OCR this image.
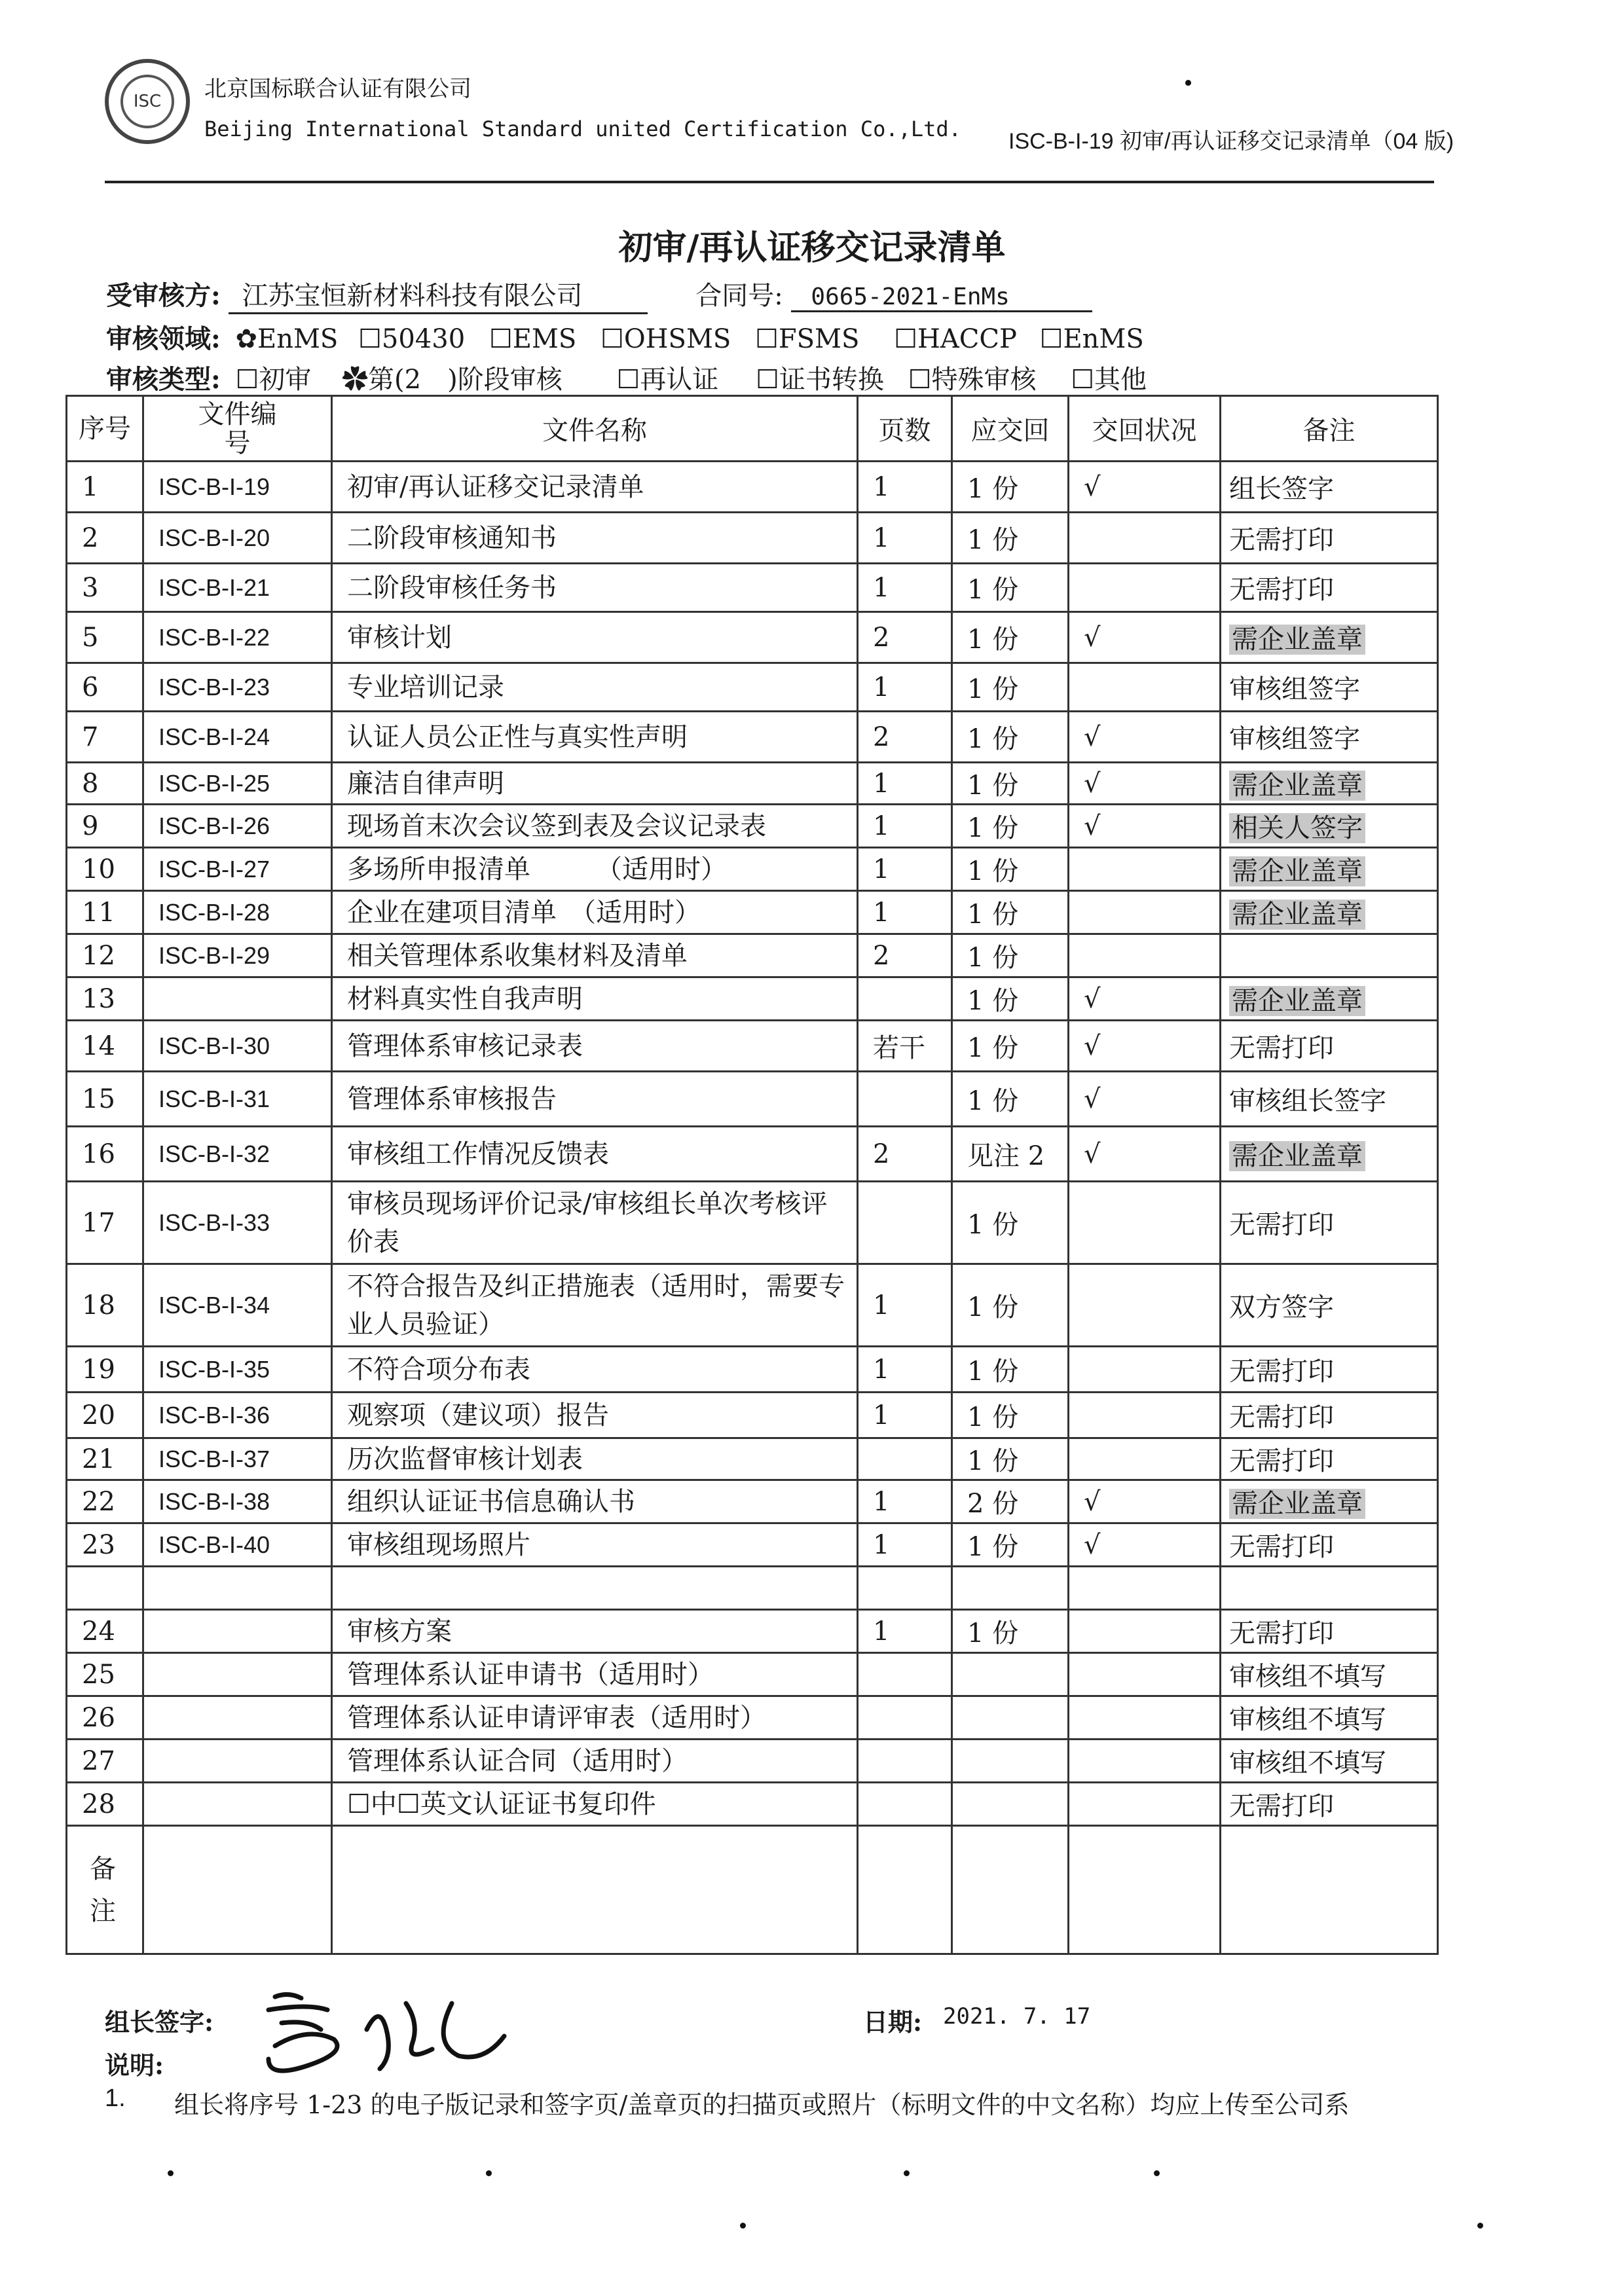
ISC	北京国标联合认证有限公司
Beijing International Standard united Certification Co.,Ltd. ISC-B-I-19 初审/再认证移交记录清单（04 版)
初审/再认证移交记录清单
受审核方: 江苏宝恒新材料科技有限公司	合同号: 0665-2021-EnMs
审核领域: ✿EnMS ☐50430 ☐EMS ☐OHSMS ☐FSMS ☐HACCP ☐EnMS
审核类型: ☐初审 ✿第(2　)阶段审核 ☐再认证 ☐证书转换 ☐特殊审核 ☐其他
序号	文件编号	文件名称	页数	应交回	交回状况	备注
1	ISC-B-I-19	初审/再认证移交记录清单	1	1 份	√	组长签字
2	ISC-B-I-20	二阶段审核通知书	1	1 份		无需打印
3	ISC-B-I-21	二阶段审核任务书	1	1 份		无需打印
5	ISC-B-I-22	审核计划	2	1 份	√	需企业盖章
6	ISC-B-I-23	专业培训记录	1	1 份		审核组签字
7	ISC-B-I-24	认证人员公正性与真实性声明	2	1 份	√	审核组签字
8	ISC-B-I-25	廉洁自律声明	1	1 份	√	需企业盖章
9	ISC-B-I-26	现场首末次会议签到表及会议记录表	1	1 份	√	相关人签字
10	ISC-B-I-27	多场所申报清单　　　（适用时）	1	1 份		需企业盖章
11	ISC-B-I-28	企业在建项目清单　（适用时）	1	1 份		需企业盖章
12	ISC-B-I-29	相关管理体系收集材料及清单	2	1 份		
13		材料真实性自我声明		1 份	√	需企业盖章
14	ISC-B-I-30	管理体系审核记录表	若干	1 份	√	无需打印
15	ISC-B-I-31	管理体系审核报告		1 份	√	审核组长签字
16	ISC-B-I-32	审核组工作情况反馈表	2	见注 2	√	需企业盖章
17	ISC-B-I-33	审核员现场评价记录/审核组长单次考核评价表		1 份		无需打印
18	ISC-B-I-34	不符合报告及纠正措施表（适用时，需要专业人员验证）	1	1 份		双方签字
19	ISC-B-I-35	不符合项分布表	1	1 份		无需打印
20	ISC-B-I-36	观察项（建议项）报告	1	1 份		无需打印
21	ISC-B-I-37	历次监督审核计划表		1 份		无需打印
22	ISC-B-I-38	组织认证证书信息确认书	1	2 份	√	需企业盖章
23	ISC-B-I-40	审核组现场照片	1	1 份	√	无需打印

24		审核方案	1	1 份		无需打印
25		管理体系认证申请书（适用时）				审核组不填写
26		管理体系认证申请评审表（适用时）				审核组不填写
27		管理体系认证合同（适用时）				审核组不填写
28		☐中☐英文认证证书复印件				无需打印
备注						
组长签字:	日期: 2021. 7. 17
说明:
1. 组长将序号 1-23 的电子版记录和签字页/盖章页的扫描页或照片（标明文件的中文名称）均应上传至公司系
